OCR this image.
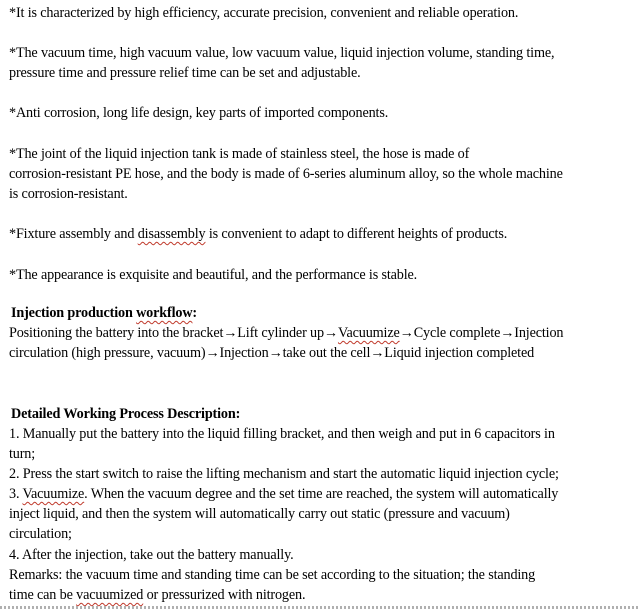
*It is characterized by high efficiency, accurate precision, convenient and reliable operation.
*The vacuum time, high vacuum value, low vacuum value, liquid injection volume, standing time,
pressure time and pressure relief time can be set and adjustable.
*Anti corrosion, long life design, key parts of imported components.
*The joint of the liquid injection tank is made of stainless steel, the hose is made of
corrosion-resistant PE hose, and the body is made of 6-series aluminum alloy, so the whole machine
is corrosion-resistant.
*Fixture assembly and disassembly is convenient to adapt to different heights of products.
*The appearance is exquisite and beautiful, and the performance is stable.
Injection production workflow:
Positioning the battery into the bracket→Lift cylinder up→Vacuumize→Cycle complete→Injection
circulation (high pressure, vacuum)→Injection→take out the cell→Liquid injection completed
Detailed Working Process Description:
1. Manually put the battery into the liquid filling bracket, and then weigh and put in 6 capacitors in
turn;
2. Press the start switch to raise the lifting mechanism and start the automatic liquid injection cycle;
3. Vacuumize. When the vacuum degree and the set time are reached, the system will automatically
inject liquid, and then the system will automatically carry out static (pressure and vacuum)
circulation;
4. After the injection, take out the battery manually.
Remarks: the vacuum time and standing time can be set according to the situation; the standing
time can be vacuumized or pressurized with nitrogen.
